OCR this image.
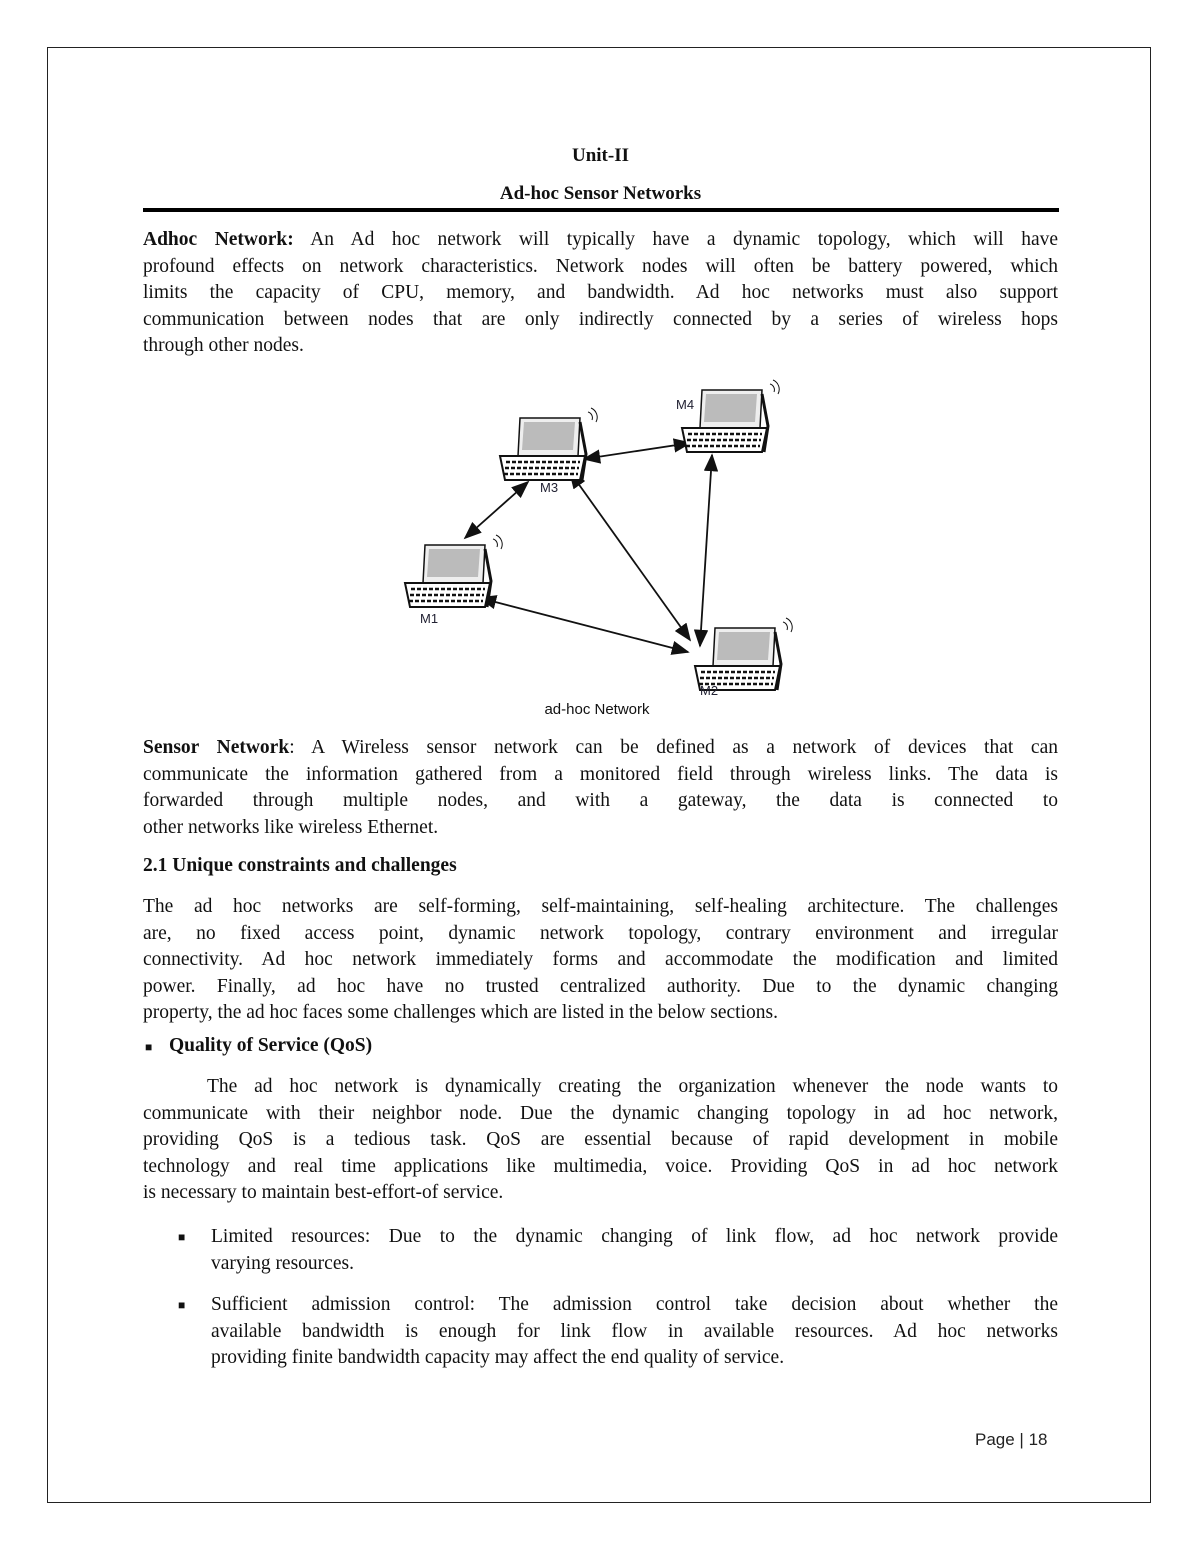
Unit-II
Ad-hoc Sensor Networks
Adhoc Network: An Ad hoc network will typically have a dynamic topology, which will have
profound effects on network characteristics. Network nodes will often be battery powered, which
limits the capacity of CPU, memory, and bandwidth. Ad hoc networks must also support
communication between nodes that are only indirectly connected by a series of wireless hops
through other nodes.
M1
M2
M3
M4
ad-hoc Network
Sensor Network: A Wireless sensor network can be defined as a network of devices that can
communicate the information gathered from a monitored field through wireless links. The data is
forwarded through multiple nodes, and with a gateway, the data is connected to
other networks like wireless Ethernet.
2.1 Unique constraints and challenges
The ad hoc networks are self-forming, self-maintaining, self-healing architecture. The challenges
are, no fixed access point, dynamic network topology, contrary environment and irregular
connectivity. Ad hoc network immediately forms and accommodate the modification and limited
power. Finally, ad hoc have no trusted centralized authority. Due to the dynamic changing
property, the ad hoc faces some challenges which are listed in the below sections.
■ Quality of Service (QoS)
The ad hoc network is dynamically creating the organization whenever the node wants to
communicate with their neighbor node. Due the dynamic changing topology in ad hoc network,
providing QoS is a tedious task. QoS are essential because of rapid development in mobile
technology and real time applications like multimedia, voice. Providing QoS in ad hoc network
is necessary to maintain best-effort-of service.
■ Limited resources: Due to the dynamic changing of link flow, ad hoc network provide
varying resources.
■ Sufficient admission control: The admission control take decision about whether the
available bandwidth is enough for link flow in available resources. Ad hoc networks
providing finite bandwidth capacity may affect the end quality of service.
Page | 18
